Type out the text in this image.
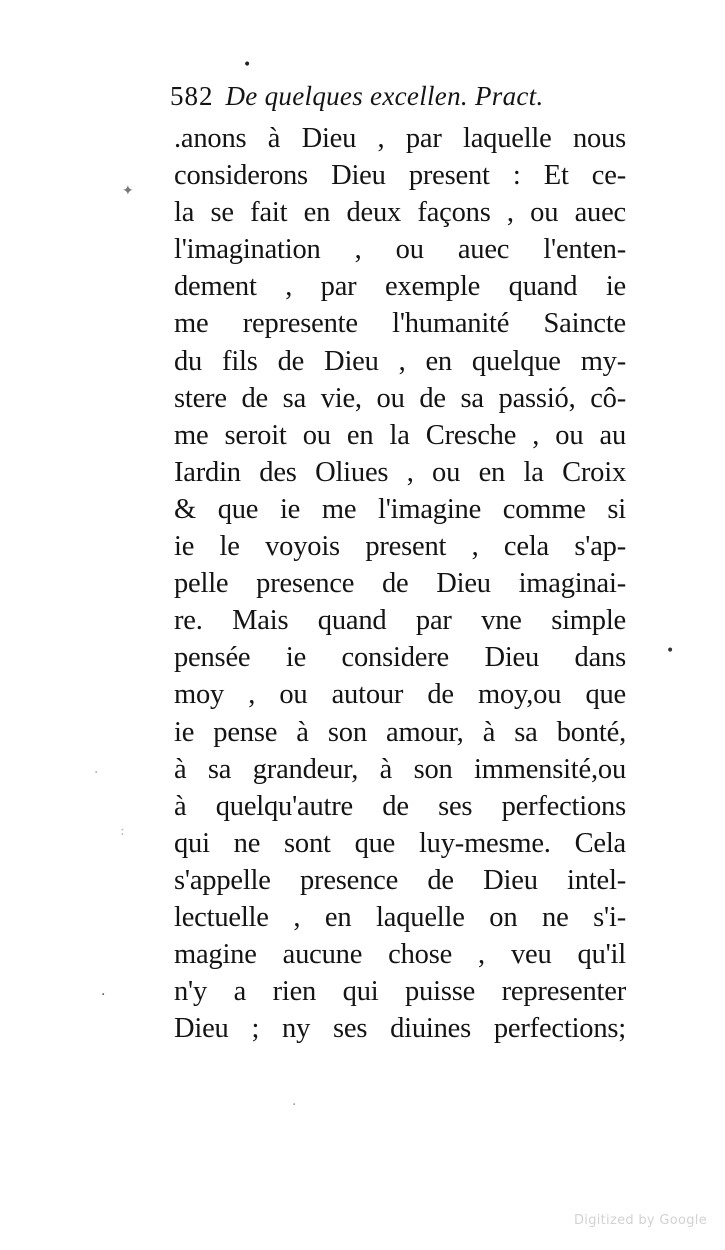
582 De quelques excellen. Pract.
.anons à Dieu , par laquelle nous
considerons Dieu present : Et ce-
la se fait en deux façons , ou auec
l'imagination , ou auec l'enten-
dement , par exemple quand ie
me represente l'humanité Saincte
du fils de Dieu , en quelque my-
stere de sa vie, ou de sa passió, cô-
me seroit ou en la Cresche , ou au
Iardin des Oliues , ou en la Croix
& que ie me l'imagine comme si
ie le voyois present , cela s'ap-
pelle presence de Dieu imaginai-
re. Mais quand par vne simple
pensée ie considere Dieu dans
moy , ou autour de moy,ou que
ie pense à son amour, à sa bonté,
à sa grandeur, à son immensité,ou
à quelqu'autre de ses perfections
qui ne sont que luy-mesme. Cela
s'appelle presence de Dieu intel-
lectuelle , en laquelle on ne s'i-
magine aucune chose , veu qu'il
n'y a rien qui puisse representer
Dieu ; ny ses diuines perfections;
•
✦
•
·
:
·
·
Digitized by Google
